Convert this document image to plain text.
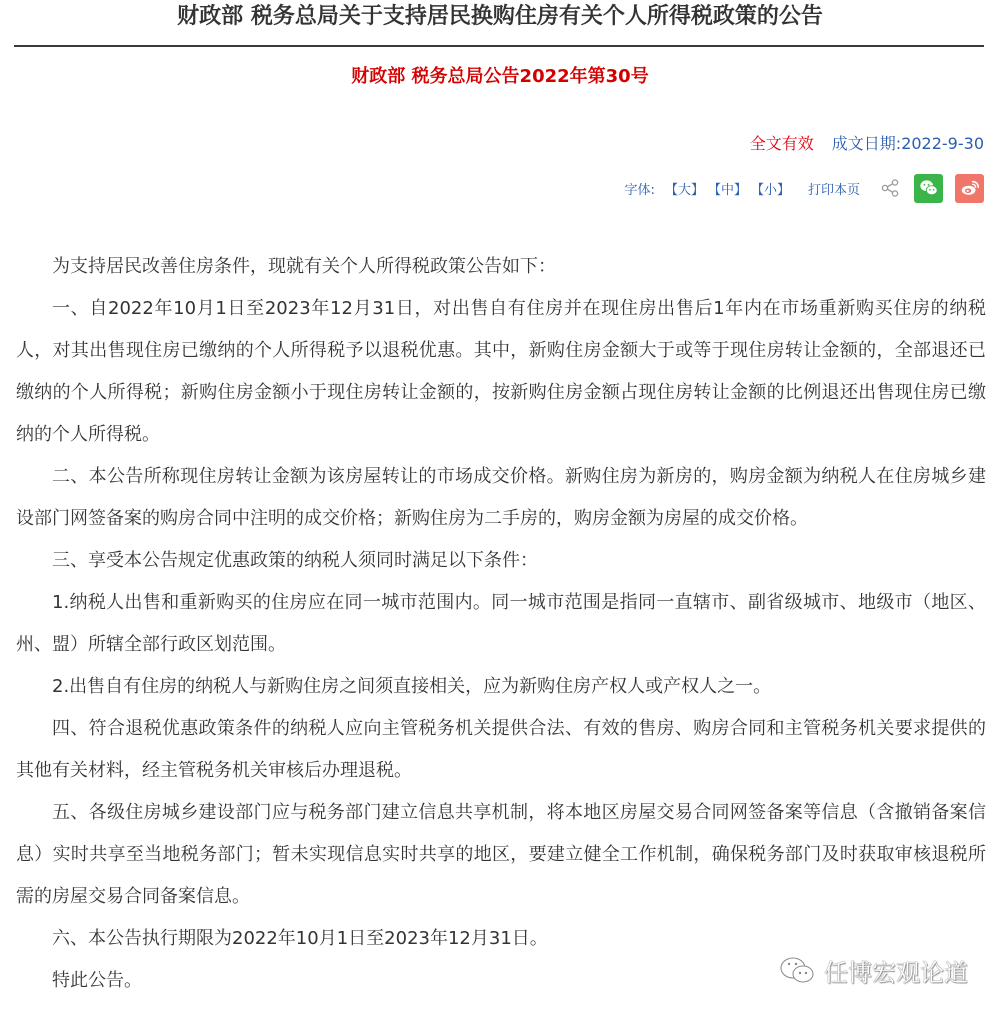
财政部 税务总局关于支持居民换购住房有关个人所得税政策的公告
财政部 税务总局公告2022年第30号
全文有效 成文日期:2022-9-30
字体: 【大】 【中】 【小】 打印本页

为支持居民改善住房条件，现就有关个人所得税政策公告如下：

一、自2022年10月1日至2023年12月31日，对出售自有住房并在现住房出售后1年内在市场重新购买住房的纳税人，对其出售现住房已缴纳的个人所得税予以退税优惠。其中，新购住房金额大于或等于现住房转让金额的，全部退还已缴纳的个人所得税；新购住房金额小于现住房转让金额的，按新购住房金额占现住房转让金额的比例退还出售现住房已缴纳的个人所得税。

二、本公告所称现住房转让金额为该房屋转让的市场成交价格。新购住房为新房的，购房金额为纳税人在住房城乡建设部门网签备案的购房合同中注明的成交价格；新购住房为二手房的，购房金额为房屋的成交价格。

三、享受本公告规定优惠政策的纳税人须同时满足以下条件：

1.纳税人出售和重新购买的住房应在同一城市范围内。同一城市范围是指同一直辖市、副省级城市、地级市（地区、州、盟）所辖全部行政区划范围。

2.出售自有住房的纳税人与新购住房之间须直接相关，应为新购住房产权人或产权人之一。

四、符合退税优惠政策条件的纳税人应向主管税务机关提供合法、有效的售房、购房合同和主管税务机关要求提供的其他有关材料，经主管税务机关审核后办理退税。

五、各级住房城乡建设部门应与税务部门建立信息共享机制，将本地区房屋交易合同网签备案等信息（含撤销备案信息）实时共享至当地税务部门；暂未实现信息实时共享的地区，要建立健全工作机制，确保税务部门及时获取审核退税所需的房屋交易合同备案信息。

六、本公告执行期限为2022年10月1日至2023年12月31日。

特此公告。	任博宏观论道
